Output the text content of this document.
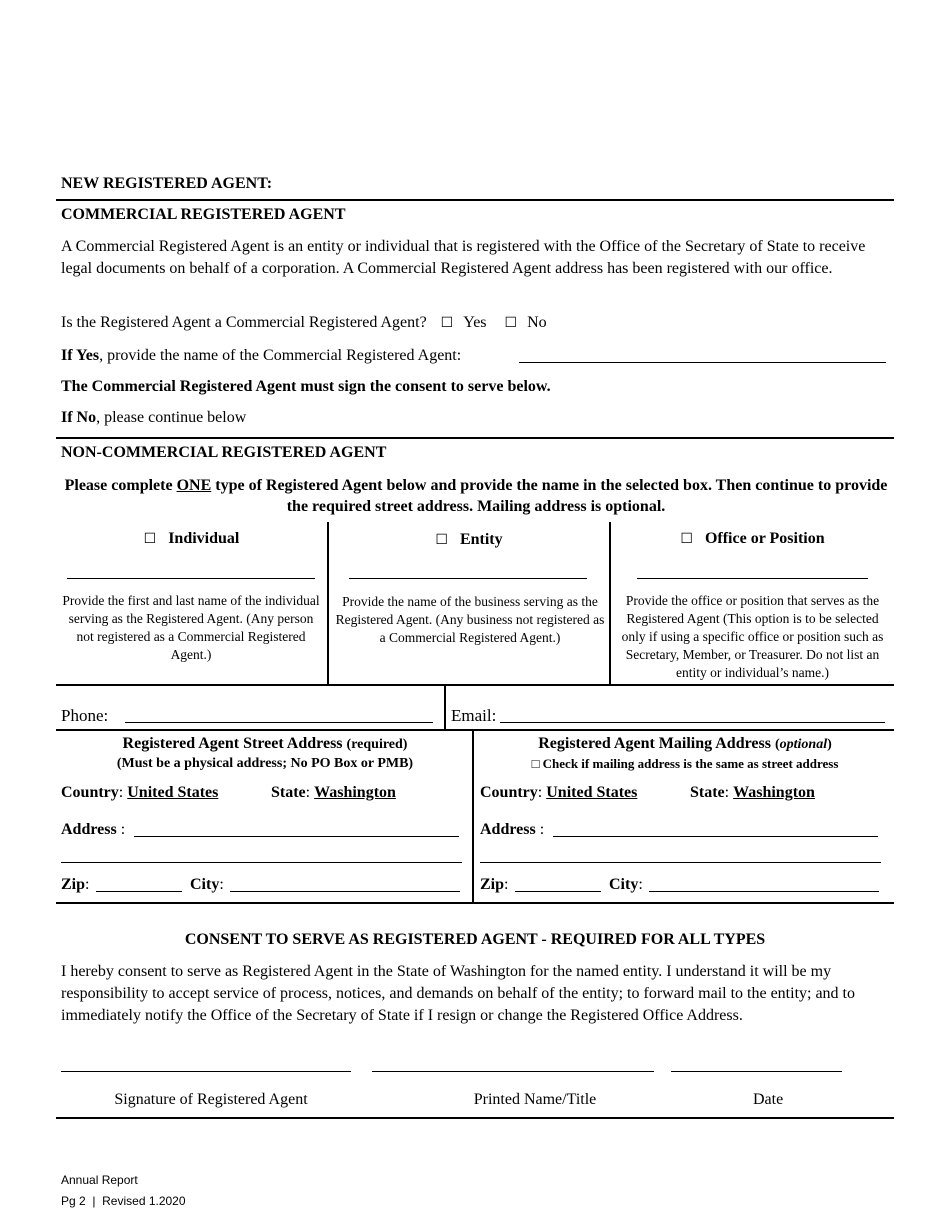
NEW REGISTERED AGENT:
COMMERCIAL REGISTERED AGENT
A Commercial Registered Agent is an entity or individual that is registered with the Office of the Secretary of State to receive legal documents on behalf of a corporation. A Commercial Registered Agent address has been registered with our office.
Is the Registered Agent a Commercial Registered Agent? ☐ Yes ☐ No
If Yes, provide the name of the Commercial Registered Agent:
The Commercial Registered Agent must sign the consent to serve below.
If No, please continue below
NON-COMMERCIAL REGISTERED AGENT
Please complete ONE type of Registered Agent below and provide the name in the selected box. Then continue to provide the required street address. Mailing address is optional.
☐ Individual
Provide the first and last name of the individual serving as the Registered Agent. (Any person not registered as a Commercial Registered Agent.)
☐ Entity
Provide the name of the business serving as the Registered Agent. (Any business not registered as a Commercial Registered Agent.)
☐ Office or Position
Provide the office or position that serves as the Registered Agent (This option is to be selected only if using a specific office or position such as Secretary, Member, or Treasurer. Do not list an entity or individual’s name.)
Phone:	Email:
Registered Agent Street Address (required)
(Must be a physical address; No PO Box or PMB)
Country: United States	State: Washington
Address :
Zip:	City:
Registered Agent Mailing Address (optional)
□ Check if mailing address is the same as street address
Country: United States	State: Washington
Address :
Zip:	City:
CONSENT TO SERVE AS REGISTERED AGENT - REQUIRED FOR ALL TYPES
I hereby consent to serve as Registered Agent in the State of Washington for the named entity. I understand it will be my responsibility to accept service of process, notices, and demands on behalf of the entity; to forward mail to the entity; and to immediately notify the Office of the Secretary of State if I resign or change the Registered Office Address.
Signature of Registered Agent	Printed Name/Title	Date
Annual Report
Pg 2  |  Revised 1.2020
